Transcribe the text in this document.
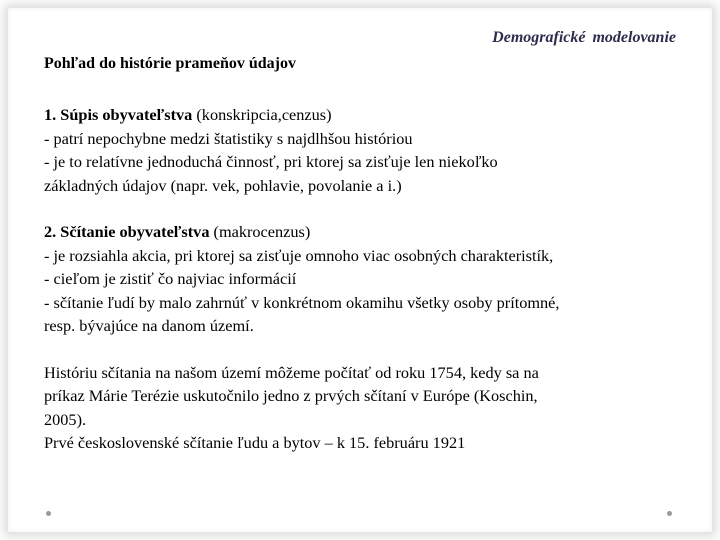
Demografické modelovanie
Pohľad do histórie prameňov údajov
1. Súpis obyvateľstva (konskripcia,cenzus)
- patrí nepochybne medzi štatistiky s najdlhšou históriou
- je to relatívne jednoduchá činnosť, pri ktorej sa zisťuje len niekoľko
základných údajov (napr. vek, pohlavie, povolanie a i.)
2. Sčítanie obyvateľstva (makrocenzus)
- je rozsiahla akcia, pri ktorej sa zisťuje omnoho viac osobných charakteristík,
- cieľom je zistiť čo najviac informácií
- sčítanie ľudí by malo zahrnúť v konkrétnom okamihu všetky osoby prítomné,
resp. bývajúce na danom území.
Históriu sčítania na našom území môžeme počítať od roku 1754, kedy sa na
príkaz Márie Terézie uskutočnilo jedno z prvých sčítaní v Európe (Koschin,
2005).
Prvé československé sčítanie ľudu a bytov – k 15. februáru 1921
